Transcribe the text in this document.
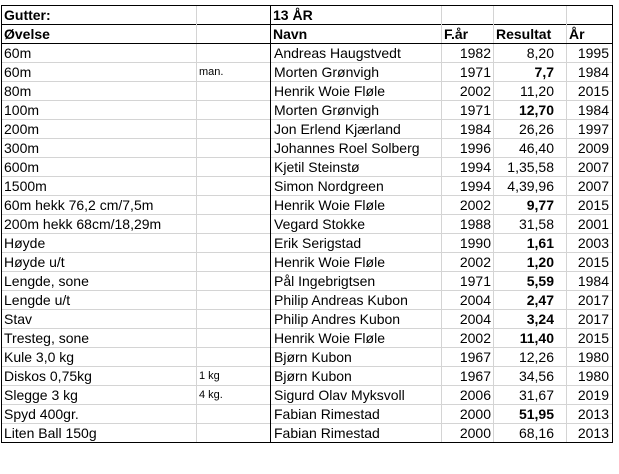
Gutter:		13 ÅR			
Øvelse		Navn	F.år	Resultat	År
60m		Andreas Haugstvedt	1982	8,20	1995
60m	man.	Morten Grønvigh	1971	7,7	1984
80m		Henrik Woie Fløle	2002	11,20	2015
100m		Morten Grønvigh	1971	12,70	1984
200m		Jon Erlend Kjærland	1984	26,26	1997
300m		Johannes Roel Solberg	1996	46,40	2009
600m		Kjetil Steinstø	1994	1,35,58	2007
1500m		Simon Nordgreen	1994	4,39,96	2007
60m hekk 76,2 cm/7,5m		Henrik Woie Fløle	2002	9,77	2015
200m hekk 68cm/18,29m		Vegard Stokke	1988	31,58	2001
Høyde		Erik Serigstad	1990	1,61	2003
Høyde u/t		Henrik Woie Fløle	2002	1,20	2015
Lengde, sone		Pål Ingebrigtsen	1971	5,59	1984
Lengde u/t		Philip Andreas Kubon	2004	2,47	2017
Stav		Philip Andres Kubon	2004	3,24	2017
Tresteg, sone		Henrik Woie Fløle	2002	11,40	2015
Kule 3,0 kg		Bjørn Kubon	1967	12,26	1980
Diskos 0,75kg	1 kg	Bjørn Kubon	1967	34,56	1980
Slegge 3 kg	4 kg.	Sigurd Olav Myksvoll	2006	31,67	2019
Spyd 400gr.		Fabian Rimestad	2000	51,95	2013
Liten Ball 150g		Fabian Rimestad	2000	68,16	2013
